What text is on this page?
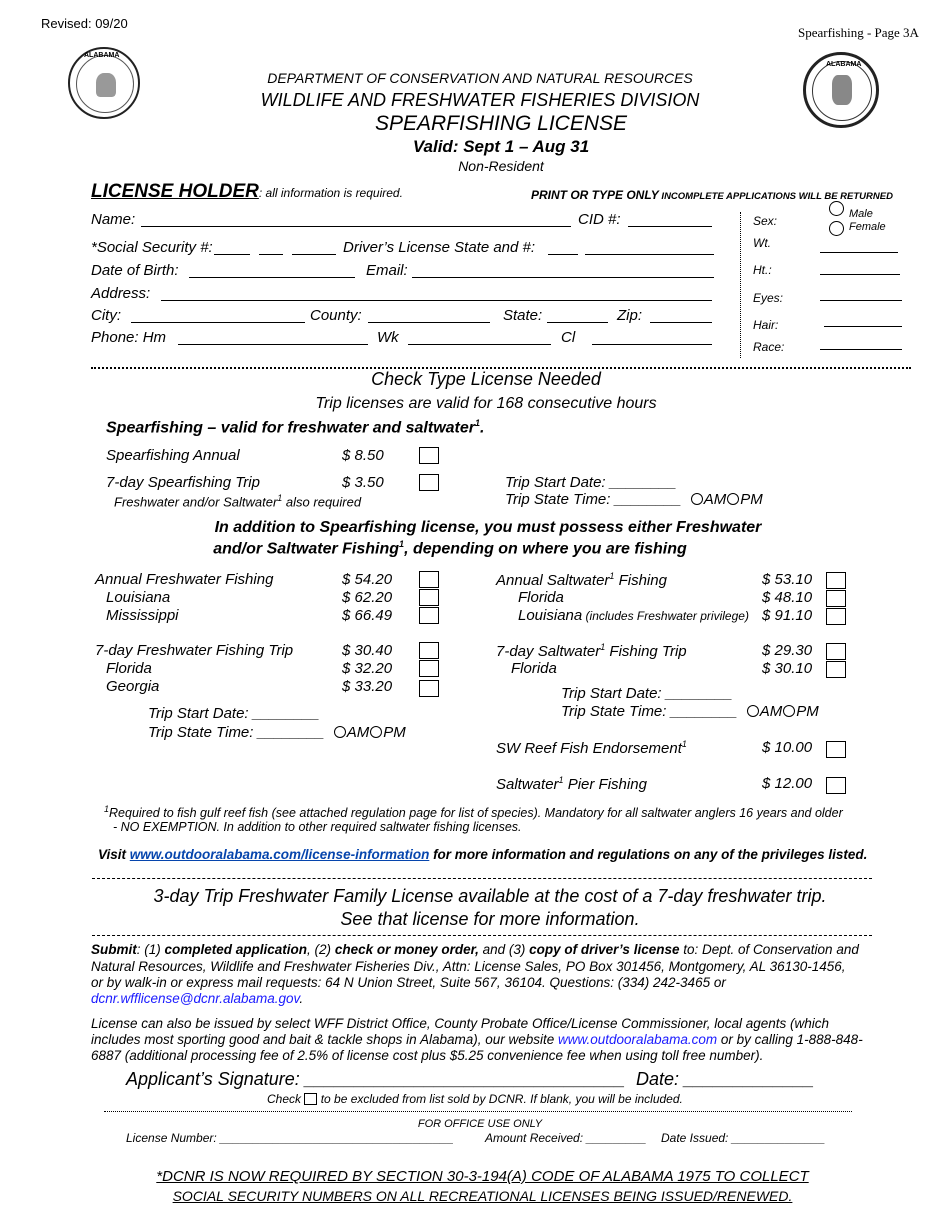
Revised: 09/20
Spearfishing - Page 3A
ALABAMA
ALABAMA
DEPARTMENT OF CONSERVATION AND NATURAL RESOURCES
WILDLIFE AND FRESHWATER FISHERIES DIVISION
SPEARFISHING LICENSE
Valid: Sept 1 – Aug 31
Non-Resident
LICENSE HOLDER: all information is required.	PRINT OR TYPE ONLY INCOMPLETE APPLICATIONS WILL BE RETURNED
Name:	CID #:
*Social Security #:	Driver’s License State and #:
Date of Birth:	Email:
Address:
City:	County:	State:	Zip:
Phone: Hm	Wk	Cl
Sex:	Male
Female
Wt.
Ht.:
Eyes:
Hair:
Race:
Check Type License Needed
Trip licenses are valid for 168 consecutive hours
Spearfishing – valid for freshwater and saltwater$^1$.
Spearfishing Annual	$ 8.50
7-day Spearfishing Trip	$ 3.50
Freshwater and/or Saltwater$^1$ also required
Trip Start Date: ________
Trip State Time: ________ AM PM
In addition to Spearfishing license, you must possess either Freshwater
and/or Saltwater Fishing$^1$, depending on where you are fishing
Annual Freshwater Fishing	$ 54.20
Louisiana	$ 62.20
Mississippi	$ 66.49
7-day Freshwater Fishing Trip	$ 30.40
Florida	$ 32.20
Georgia	$ 33.20
Trip Start Date: ________
Trip State Time: ________ AM PM
Annual Saltwater$^1$ Fishing	$ 53.10
Florida	$ 48.10
Louisiana (includes Freshwater privilege) $ 91.10
7-day Saltwater$^1$ Fishing Trip	$ 29.30
Florida	$ 30.10
Trip Start Date: ________
Trip State Time: ________ AM PM
SW Reef Fish Endorsement$^1$	$ 10.00
Saltwater$^1$ Pier Fishing	$ 12.00
$^1$Required to fish gulf reef fish (see attached regulation page for list of species). Mandatory for all saltwater anglers 16 years and older
- NO EXEMPTION. In addition to other required saltwater fishing licenses.
Visit www.outdooralabama.com/license-information for more information and regulations on any of the privileges listed.
3-day Trip Freshwater Family License available at the cost of a 7-day freshwater trip.
See that license for more information.
Submit: (1) completed application, (2) check or money order, and (3) copy of driver’s license to: Dept. of Conservation and
Natural Resources, Wildlife and Freshwater Fisheries Div., Attn: License Sales, PO Box 301456, Montgomery, AL 36130-1456,
or by walk-in or express mail requests: 64 N Union Street, Suite 567, 36104. Questions: (334) 242-3465 or
dcnr.wfflicense@dcnr.alabama.gov.
License can also be issued by select WFF District Office, County Probate Office/License Commissioner, local agents (which
includes most sporting good and bait & tackle shops in Alabama), our website www.outdooralabama.com or by calling 1-888-848-
6887 (additional processing fee of 2.5% of license cost plus $5.25 convenience fee when using toll free number).
Applicant’s Signature: ________________________________ Date: _____________
Check  to be excluded from list sold by DCNR. If blank, you will be included.
FOR OFFICE USE ONLY
License Number: ___________________________________	Amount Received: _________ Date Issued: ______________
*DCNR IS NOW REQUIRED BY SECTION 30-3-194(A) CODE OF ALABAMA 1975 TO COLLECT
SOCIAL SECURITY NUMBERS ON ALL RECREATIONAL LICENSES BEING ISSUED/RENEWED.
